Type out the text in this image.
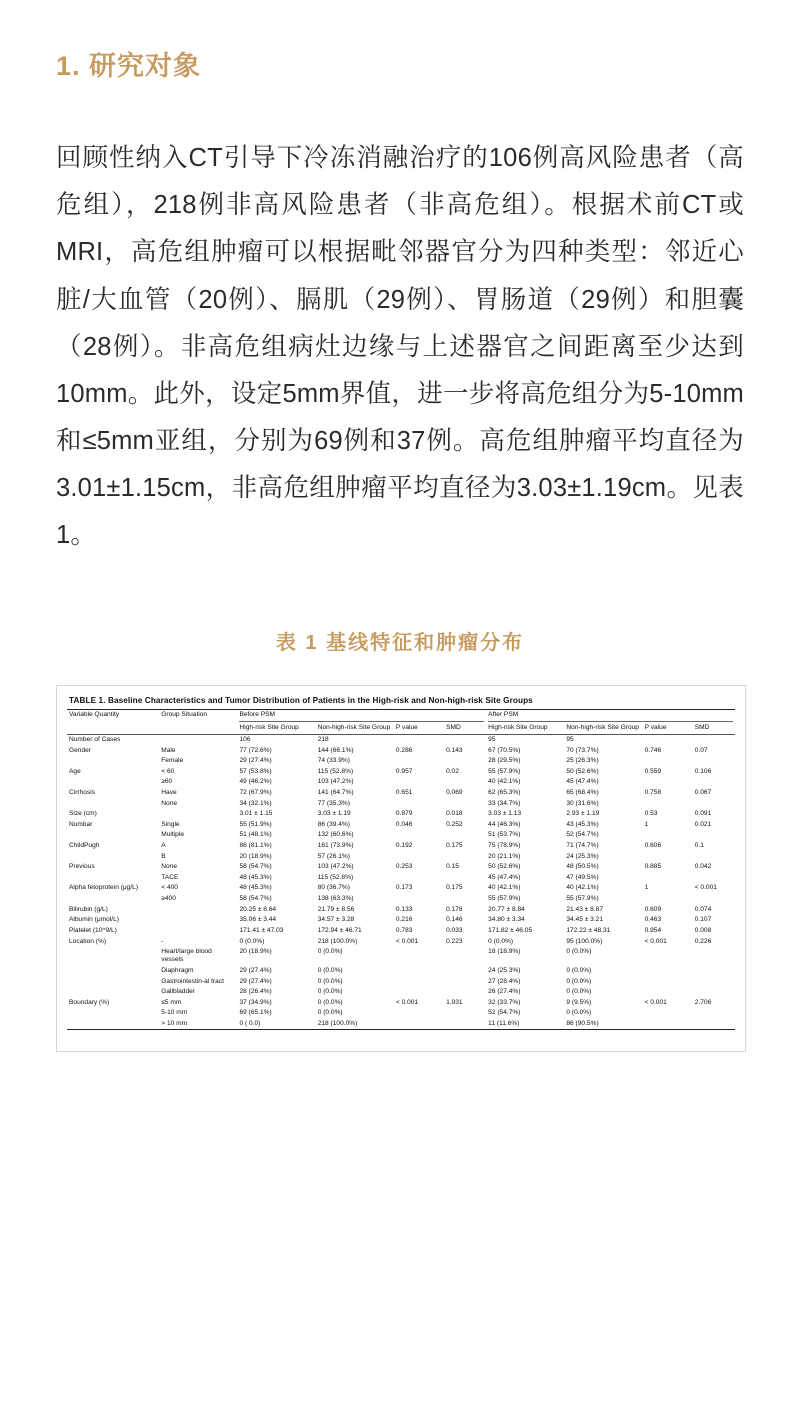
1. 研究对象

回顾性纳入CT引导下冷冻消融治疗的106例高风险患者（高危组），218例非高风险患者（非高危组）。根据术前CT或MRI，高危组肿瘤可以根据毗邻器官分为四种类型：邻近心脏/大血管（20例）、膈肌（29例）、胃肠道（29例）和胆囊（28例）。非高危组病灶边缘与上述器官之间距离至少达到10mm。此外，设定5mm界值，进一步将高危组分为5-10mm和≤5mm亚组，分别为69例和37例。高危组肿瘤平均直径为3.01±1.15cm，非高危组肿瘤平均直径为3.03±1.19cm。见表1。

表 1 基线特征和肿瘤分布
TABLE 1. Baseline Characteristics and Tumor Distribution of Patients in the High-risk and Non-high-risk Site Groups
Variable Quantity	Group Situation	Before PSM				After PSM			

		High-risk Site Group	Non-high-risk Site Group	P value	SMD	High-risk Site Group	Non-high-risk Site Group	P value	SMD
Number of Cases		106	218			95	95		
Gender	Male	77 (72.6%)	144 (66.1%)	0.286	0.143	67 (70.5%)	70 (73.7%)	0.746	0.07
	Female	29 (27.4%)	74 (33.9%)			28 (29.5%)	25 (26.3%)		
Age	< 60	57 (53.8%)	115 (52.8%)	0.957	0.02	55 (57.9%)	50 (52.6%)	0.559	0.106
	≥60	49 (46.2%)	103 (47.2%)			40 (42.1%)	45 (47.4%)		
Cirrhosis	Have	72 (67.9%)	141 (64.7%)	0.651	0.069	62 (65.3%)	65 (68.4%)	0.758	0.067
	None	34 (32.1%)	77 (35.3%)			33 (34.7%)	30 (31.6%)		
Size (cm)		3.01 ± 1.15	3.03 ± 1.19	0.879	0.018	3.03 ± 1.13	2.93 ± 1.19	0.53	0.091
Numbar	Single	55 (51.9%)	86 (39.4%)	0.046	0.252	44 (46.3%)	43 (45.3%)	1	0.021
	Multiple	51 (48.1%)	132 (60.6%)			51 (53.7%)	52 (54.7%)		
ChildPugh	A	86 (81.1%)	161 (73.9%)	0.192	0.175	75 (78.9%)	71 (74.7%)	0.606	0.1
	B	20 (18.9%)	57 (26.1%)			20 (21.1%)	24 (25.3%)		
Previous	None	58 (54.7%)	103 (47.2%)	0.253	0.15	50 (52.6%)	48 (50.5%)	0.885	0.042
	TACE	48 (45.3%)	115 (52.8%)			45 (47.4%)	47 (49.5%)		
Alpha fetoprotein (μg/L)	< 400	48 (45.3%)	80 (36.7%)	0.173	0.175	40 (42.1%)	40 (42.1%)	1	< 0.001
	≥400	58 (54.7%)	138 (63.3%)			55 (57.9%)	55 (57.9%)		
Bilirubin (g/L)		20.25 ± 8.64	21.79 ± 8.56	0.133	0.178	20.77 ± 8.84	21.43 ± 8.87	0.609	0.074
Albumin (μmol/L)		35.06 ± 3.44	34.57 ± 3.28	0.216	0.146	34.80 ± 3.34	34.45 ± 3.21	0.463	0.107
Platelet (10^9/L)		171.41 ± 47.03	172.94 ± 46.71	0.783	0.033	171.82 ± 46.05	172.22 ± 48.31	0.954	0.008
Location (%)	-	0 (0.0%)	218 (100.0%)	< 0.001	0.223	0 (0.0%)	95 (100.0%)	< 0.001	0.226
	Heart/large blood vessels	20 (18.9%)	0 (0.0%)			18 (18.9%)	0 (0.0%)		
	Diaphragm	29 (27.4%)	0 (0.0%)			24 (25.3%)	0 (0.0%)		
	Gastrointestin-al tract	29 (27.4%)	0 (0.0%)			27 (28.4%)	0 (0.0%)		
	Gallbladder	28 (26.4%)	0 (0.0%)			26 (27.4%)	0 (0.0%)		
Boundary (%)	≤5 mm	37 (34.9%)	0 (0.0%)	< 0.001	1.931	32 (33.7%)	9 (9.5%)	< 0.001	2.706
	5-10 mm	69 (65.1%)	0 (0.0%)			52 (54.7%)	0 (0.0%)		
	> 10 mm	0 ( 0.0)	218 (100.0%)			11 (11.6%)	86 (90.5%)		
